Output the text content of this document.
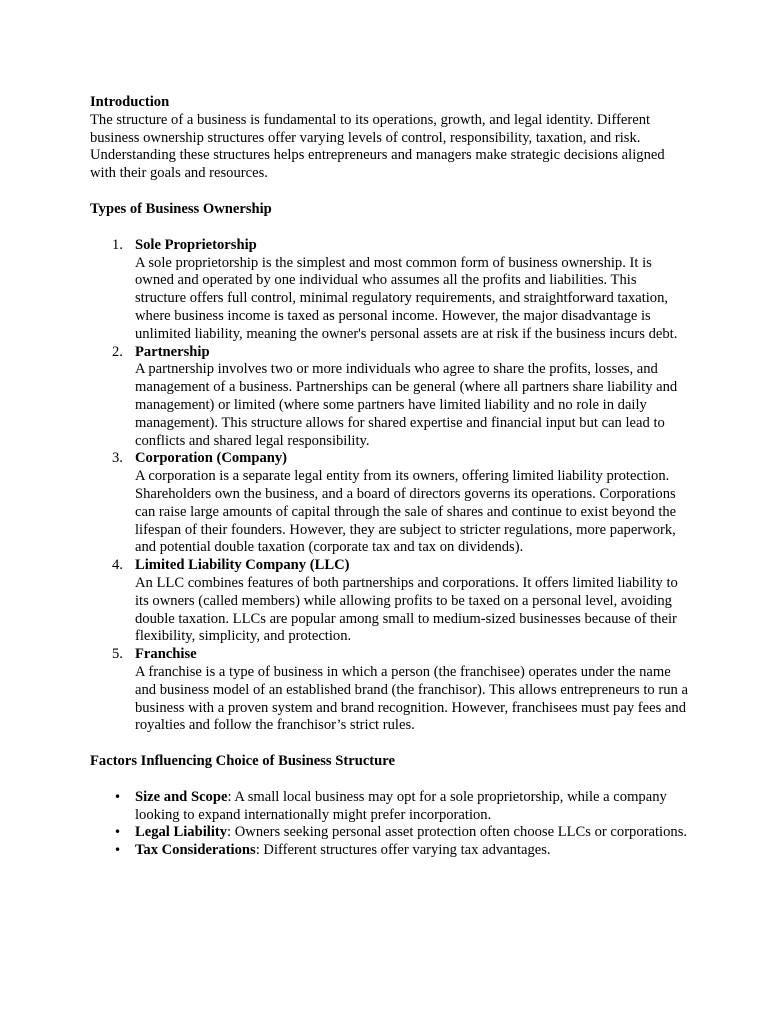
Introduction

The structure of a business is fundamental to its operations, growth, and legal identity. Different business ownership structures offer varying levels of control, responsibility, taxation, and risk. Understanding these structures helps entrepreneurs and managers make strategic decisions aligned with their goals and resources.

Types of Business Ownership

1. Sole Proprietorship
A sole proprietorship is the simplest and most common form of business ownership. It is owned and operated by one individual who assumes all the profits and liabilities. This structure offers full control, minimal regulatory requirements, and straightforward taxation, where business income is taxed as personal income. However, the major disadvantage is unlimited liability, meaning the owner's personal assets are at risk if the business incurs debt.
2. Partnership
A partnership involves two or more individuals who agree to share the profits, losses, and management of a business. Partnerships can be general (where all partners share liability and management) or limited (where some partners have limited liability and no role in daily management). This structure allows for shared expertise and financial input but can lead to conflicts and shared legal responsibility.
3. Corporation (Company)
A corporation is a separate legal entity from its owners, offering limited liability protection. Shareholders own the business, and a board of directors governs its operations. Corporations can raise large amounts of capital through the sale of shares and continue to exist beyond the lifespan of their founders. However, they are subject to stricter regulations, more paperwork, and potential double taxation (corporate tax and tax on dividends).
4. Limited Liability Company (LLC)
An LLC combines features of both partnerships and corporations. It offers limited liability to its owners (called members) while allowing profits to be taxed on a personal level, avoiding double taxation. LLCs are popular among small to medium-sized businesses because of their flexibility, simplicity, and protection.
5. Franchise
A franchise is a type of business in which a person (the franchisee) operates under the name and business model of an established brand (the franchisor). This allows entrepreneurs to run a business with a proven system and brand recognition. However, franchisees must pay fees and royalties and follow the franchisor’s strict rules.

Factors Influencing Choice of Business Structure

• Size and Scope: A small local business may opt for a sole proprietorship, while a company looking to expand internationally might prefer incorporation.
• Legal Liability: Owners seeking personal asset protection often choose LLCs or corporations.
• Tax Considerations: Different structures offer varying tax advantages.
